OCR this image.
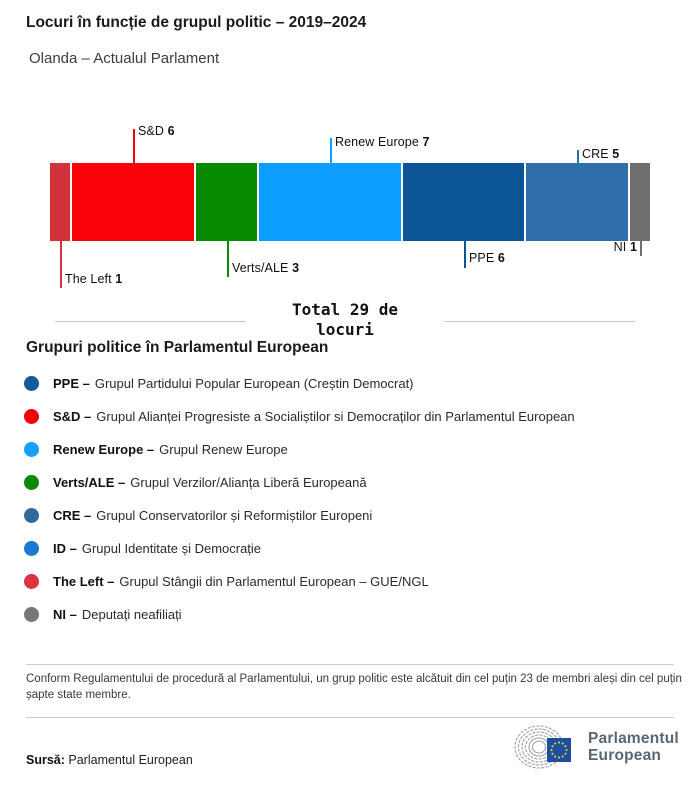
Locuri în funcție de grupul politic – 2019–2024
Olanda – Actualul Parlament
The Left 1
S&D 6
Verts/ALE 3
Renew Europe 7
PPE 6
CRE 5
NI 1
Total 29 de locuri
Grupuri politice în Parlamentul European
PPE – Grupul Partidului Popular European (Creștin Democrat)
S&D – Grupul Alianței Progresiste a Socialiștilor si Democraților din Parlamentul European
Renew Europe – Grupul Renew Europe
Verts/ALE – Grupul Verzilor/Alianța Liberă Europeană
CRE – Grupul Conservatorilor și Reformiștilor Europeni
ID – Grupul Identitate și Democrație
The Left – Grupul Stângii din Parlamentul European – GUE/NGL
NI – Deputați neafiliați
Conform Regulamentului de procedură al Parlamentului, un grup politic este alcătuit din cel puțin 23 de membri aleși din cel puțin șapte state membre.
Sursă: Parlamentul European
Parlamentul
European
